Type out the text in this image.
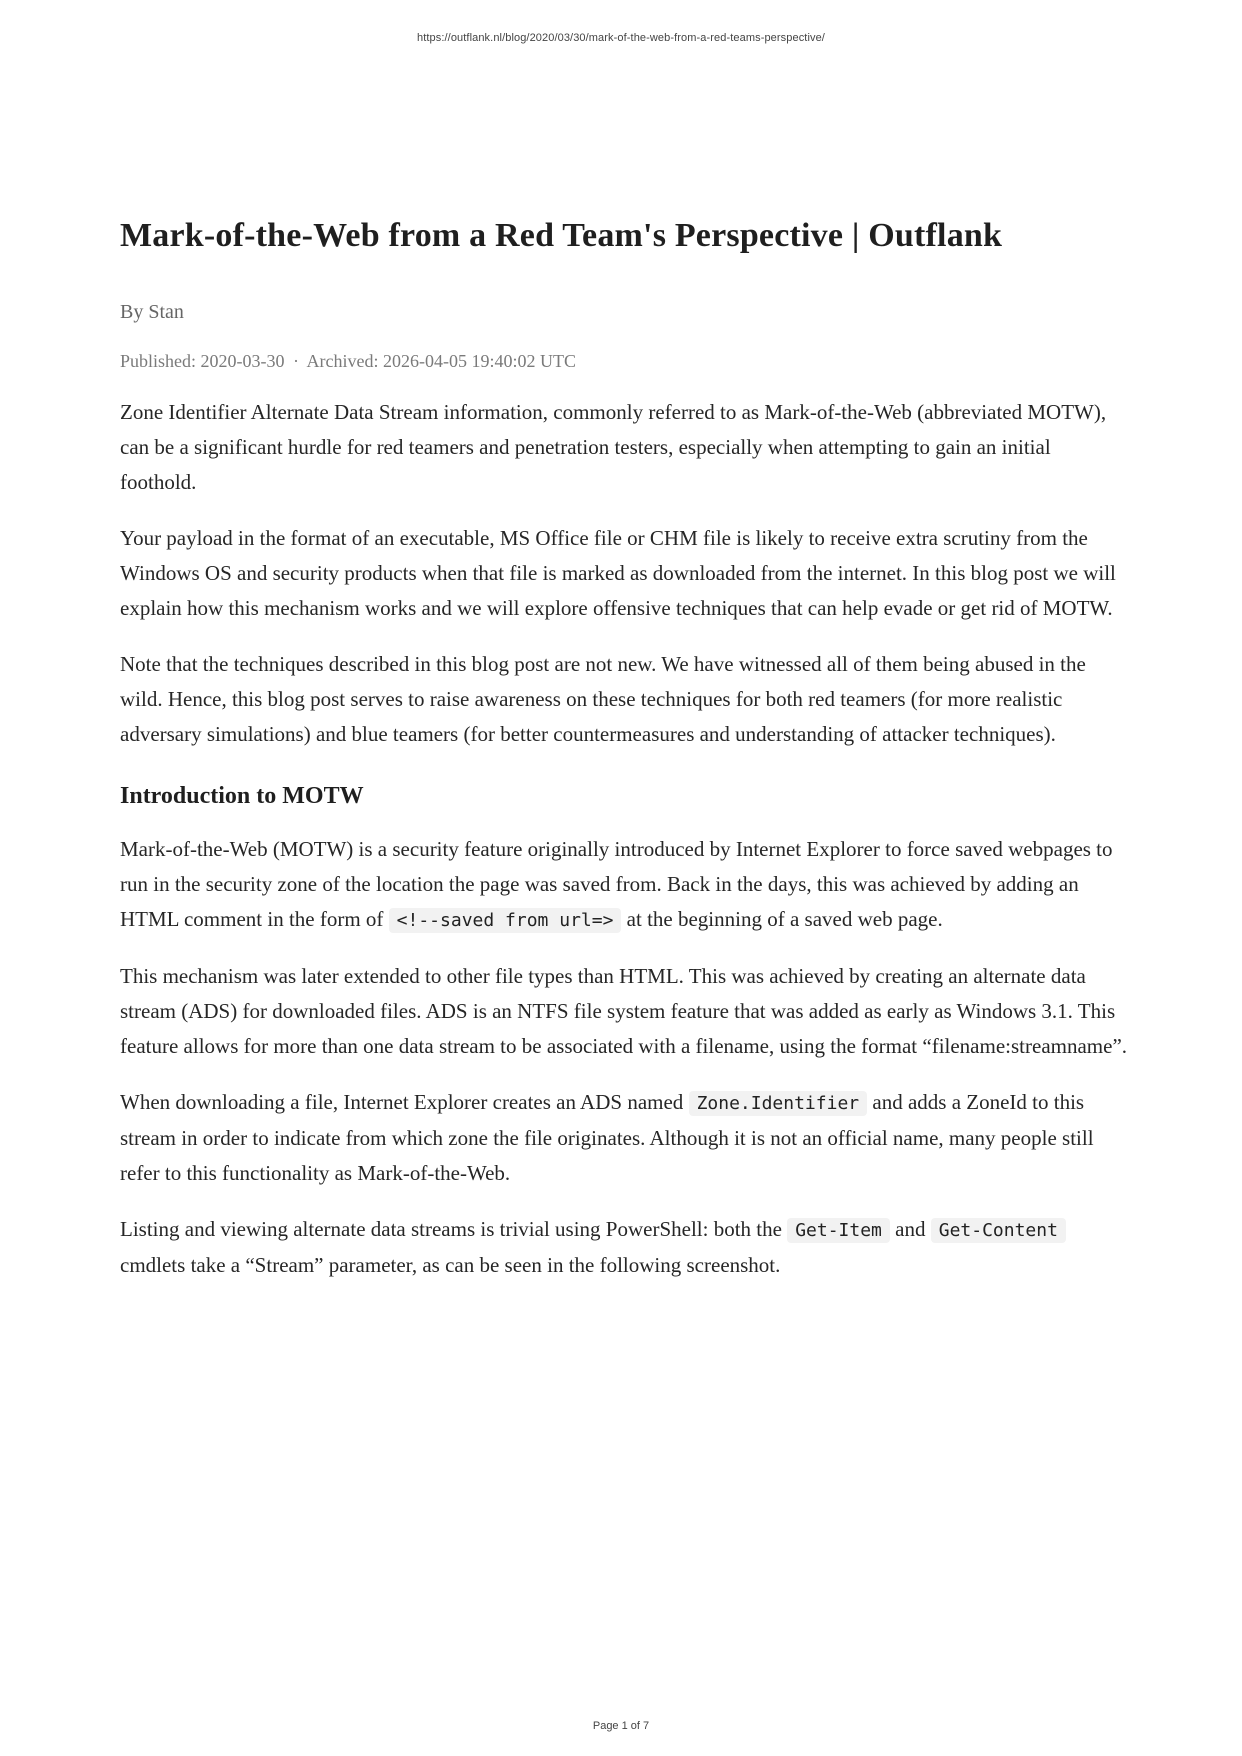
https://outflank.nl/blog/2020/03/30/mark-of-the-web-from-a-red-teams-perspective/
Mark-of-the-Web from a Red Team's Perspective | Outflank
By Stan
Published: 2020-03-30 · Archived: 2026-04-05 19:40:02 UTC

Zone Identifier Alternate Data Stream information, commonly referred to as Mark-of-the-Web (abbreviated MOTW), can be a significant hurdle for red teamers and penetration testers, especially when attempting to gain an initial foothold.

Your payload in the format of an executable, MS Office file or CHM file is likely to receive extra scrutiny from the Windows OS and security products when that file is marked as downloaded from the internet. In this blog post we will explain how this mechanism works and we will explore offensive techniques that can help evade or get rid of MOTW.

Note that the techniques described in this blog post are not new. We have witnessed all of them being abused in the wild. Hence, this blog post serves to raise awareness on these techniques for both red teamers (for more realistic adversary simulations) and blue teamers (for better countermeasures and understanding of attacker techniques).

Introduction to MOTW

Mark-of-the-Web (MOTW) is a security feature originally introduced by Internet Explorer to force saved webpages to run in the security zone of the location the page was saved from. Back in the days, this was achieved by adding an HTML comment in the form of <!--saved from url=> at the beginning of a saved web page.

This mechanism was later extended to other file types than HTML. This was achieved by creating an alternate data stream (ADS) for downloaded files. ADS is an NTFS file system feature that was added as early as Windows 3.1. This feature allows for more than one data stream to be associated with a filename, using the format “filename:streamname”.

When downloading a file, Internet Explorer creates an ADS named Zone.Identifier and adds a ZoneId to this stream in order to indicate from which zone the file originates. Although it is not an official name, many people still refer to this functionality as Mark-of-the-Web.

Listing and viewing alternate data streams is trivial using PowerShell: both the Get-Item and Get-Content cmdlets take a “Stream” parameter, as can be seen in the following screenshot.

Page 1 of 7
